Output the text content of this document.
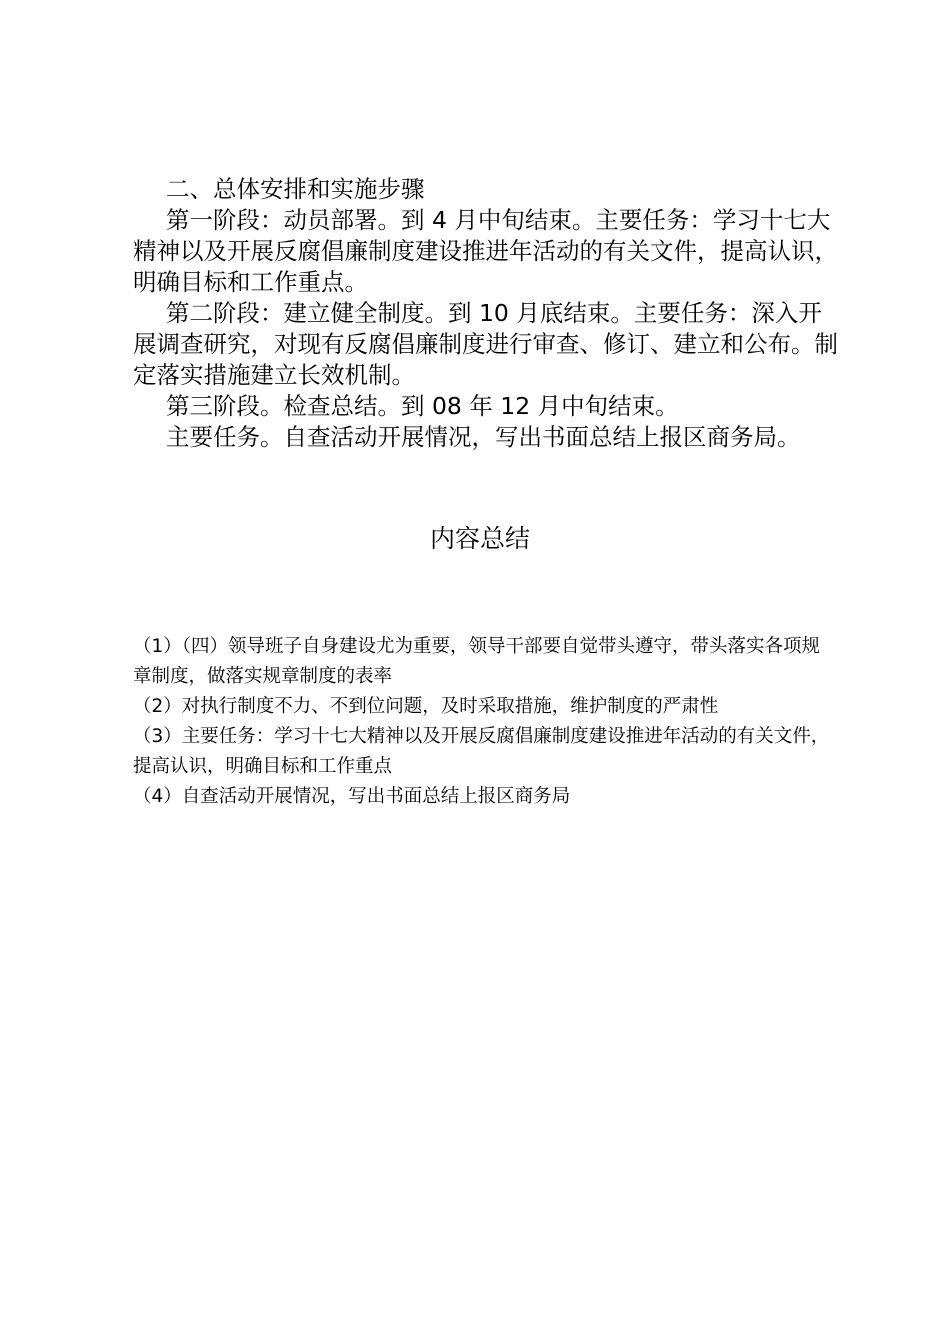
二、总体安排和实施步骤

第一阶段：动员部署。到 4 月中旬结束。主要任务：学习十七大精神以及开展反腐倡廉制度建设推进年活动的有关文件，提高认识，明确目标和工作重点。

第二阶段：建立健全制度。到 10 月底结束。主要任务：深入开展调查研究，对现有反腐倡廉制度进行审查、修订、建立和公布。制定落实措施建立长效机制。

第三阶段。检查总结。到 08 年 12 月中旬结束。

主要任务。自查活动开展情况，写出书面总结上报区商务局。

内容总结

（1）（四）领导班子自身建设尤为重要，领导干部要自觉带头遵守，带头落实各项规章制度，做落实规章制度的表率

（2）对执行制度不力、不到位问题，及时采取措施，维护制度的严肃性

（3）主要任务：学习十七大精神以及开展反腐倡廉制度建设推进年活动的有关文件，提高认识，明确目标和工作重点

（4）自查活动开展情况，写出书面总结上报区商务局
